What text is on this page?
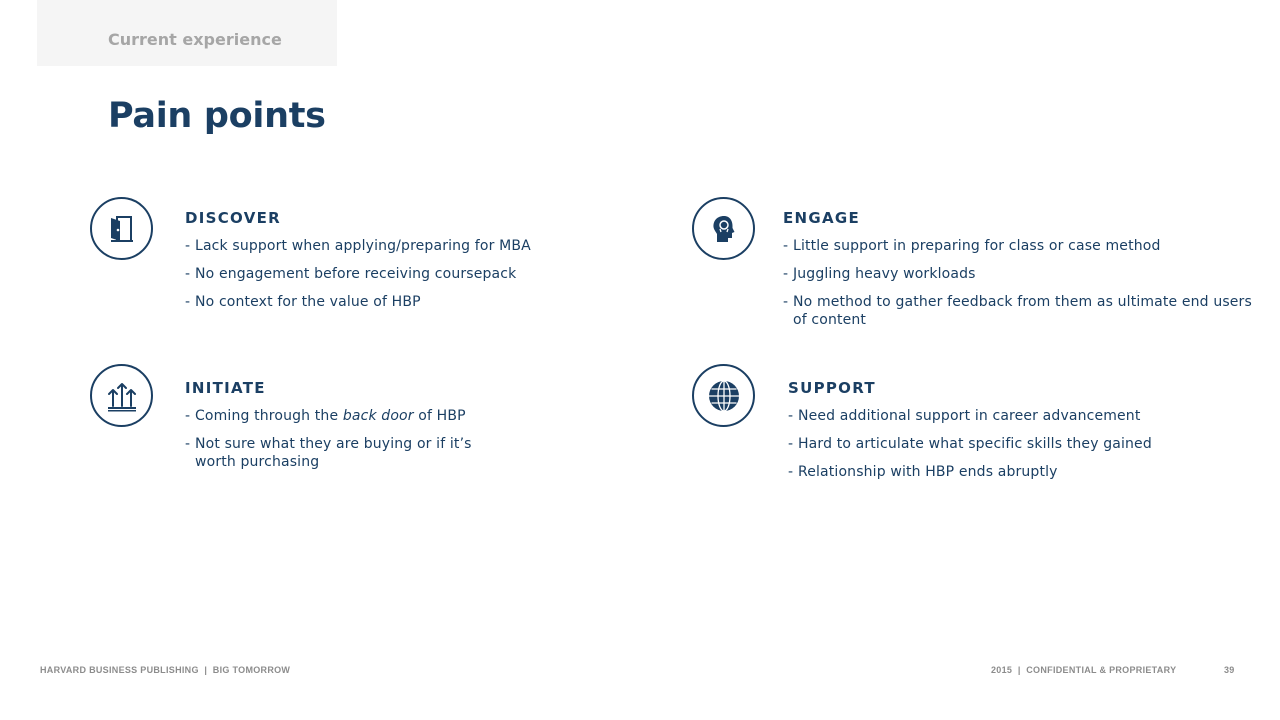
Current experience
Pain points
DISCOVER
- Lack support when applying/preparing for MBA
- No engagement before receiving coursepack
- No context for the value of HBP
ENGAGE
- Little support in preparing for class or case method
- Juggling heavy workloads
- No method to gather feedback from them as ultimate end users of content
INITIATE
- Coming through the back door of HBP
- Not sure what they are buying or if it’s worth purchasing
SUPPORT
- Need additional support in career advancement
- Hard to articulate what specific skills they gained
- Relationship with HBP ends abruptly
HARVARD BUSINESS PUBLISHING  |  BIG TOMORROW	2015  |  CONFIDENTIAL & PROPRIETARY	39
